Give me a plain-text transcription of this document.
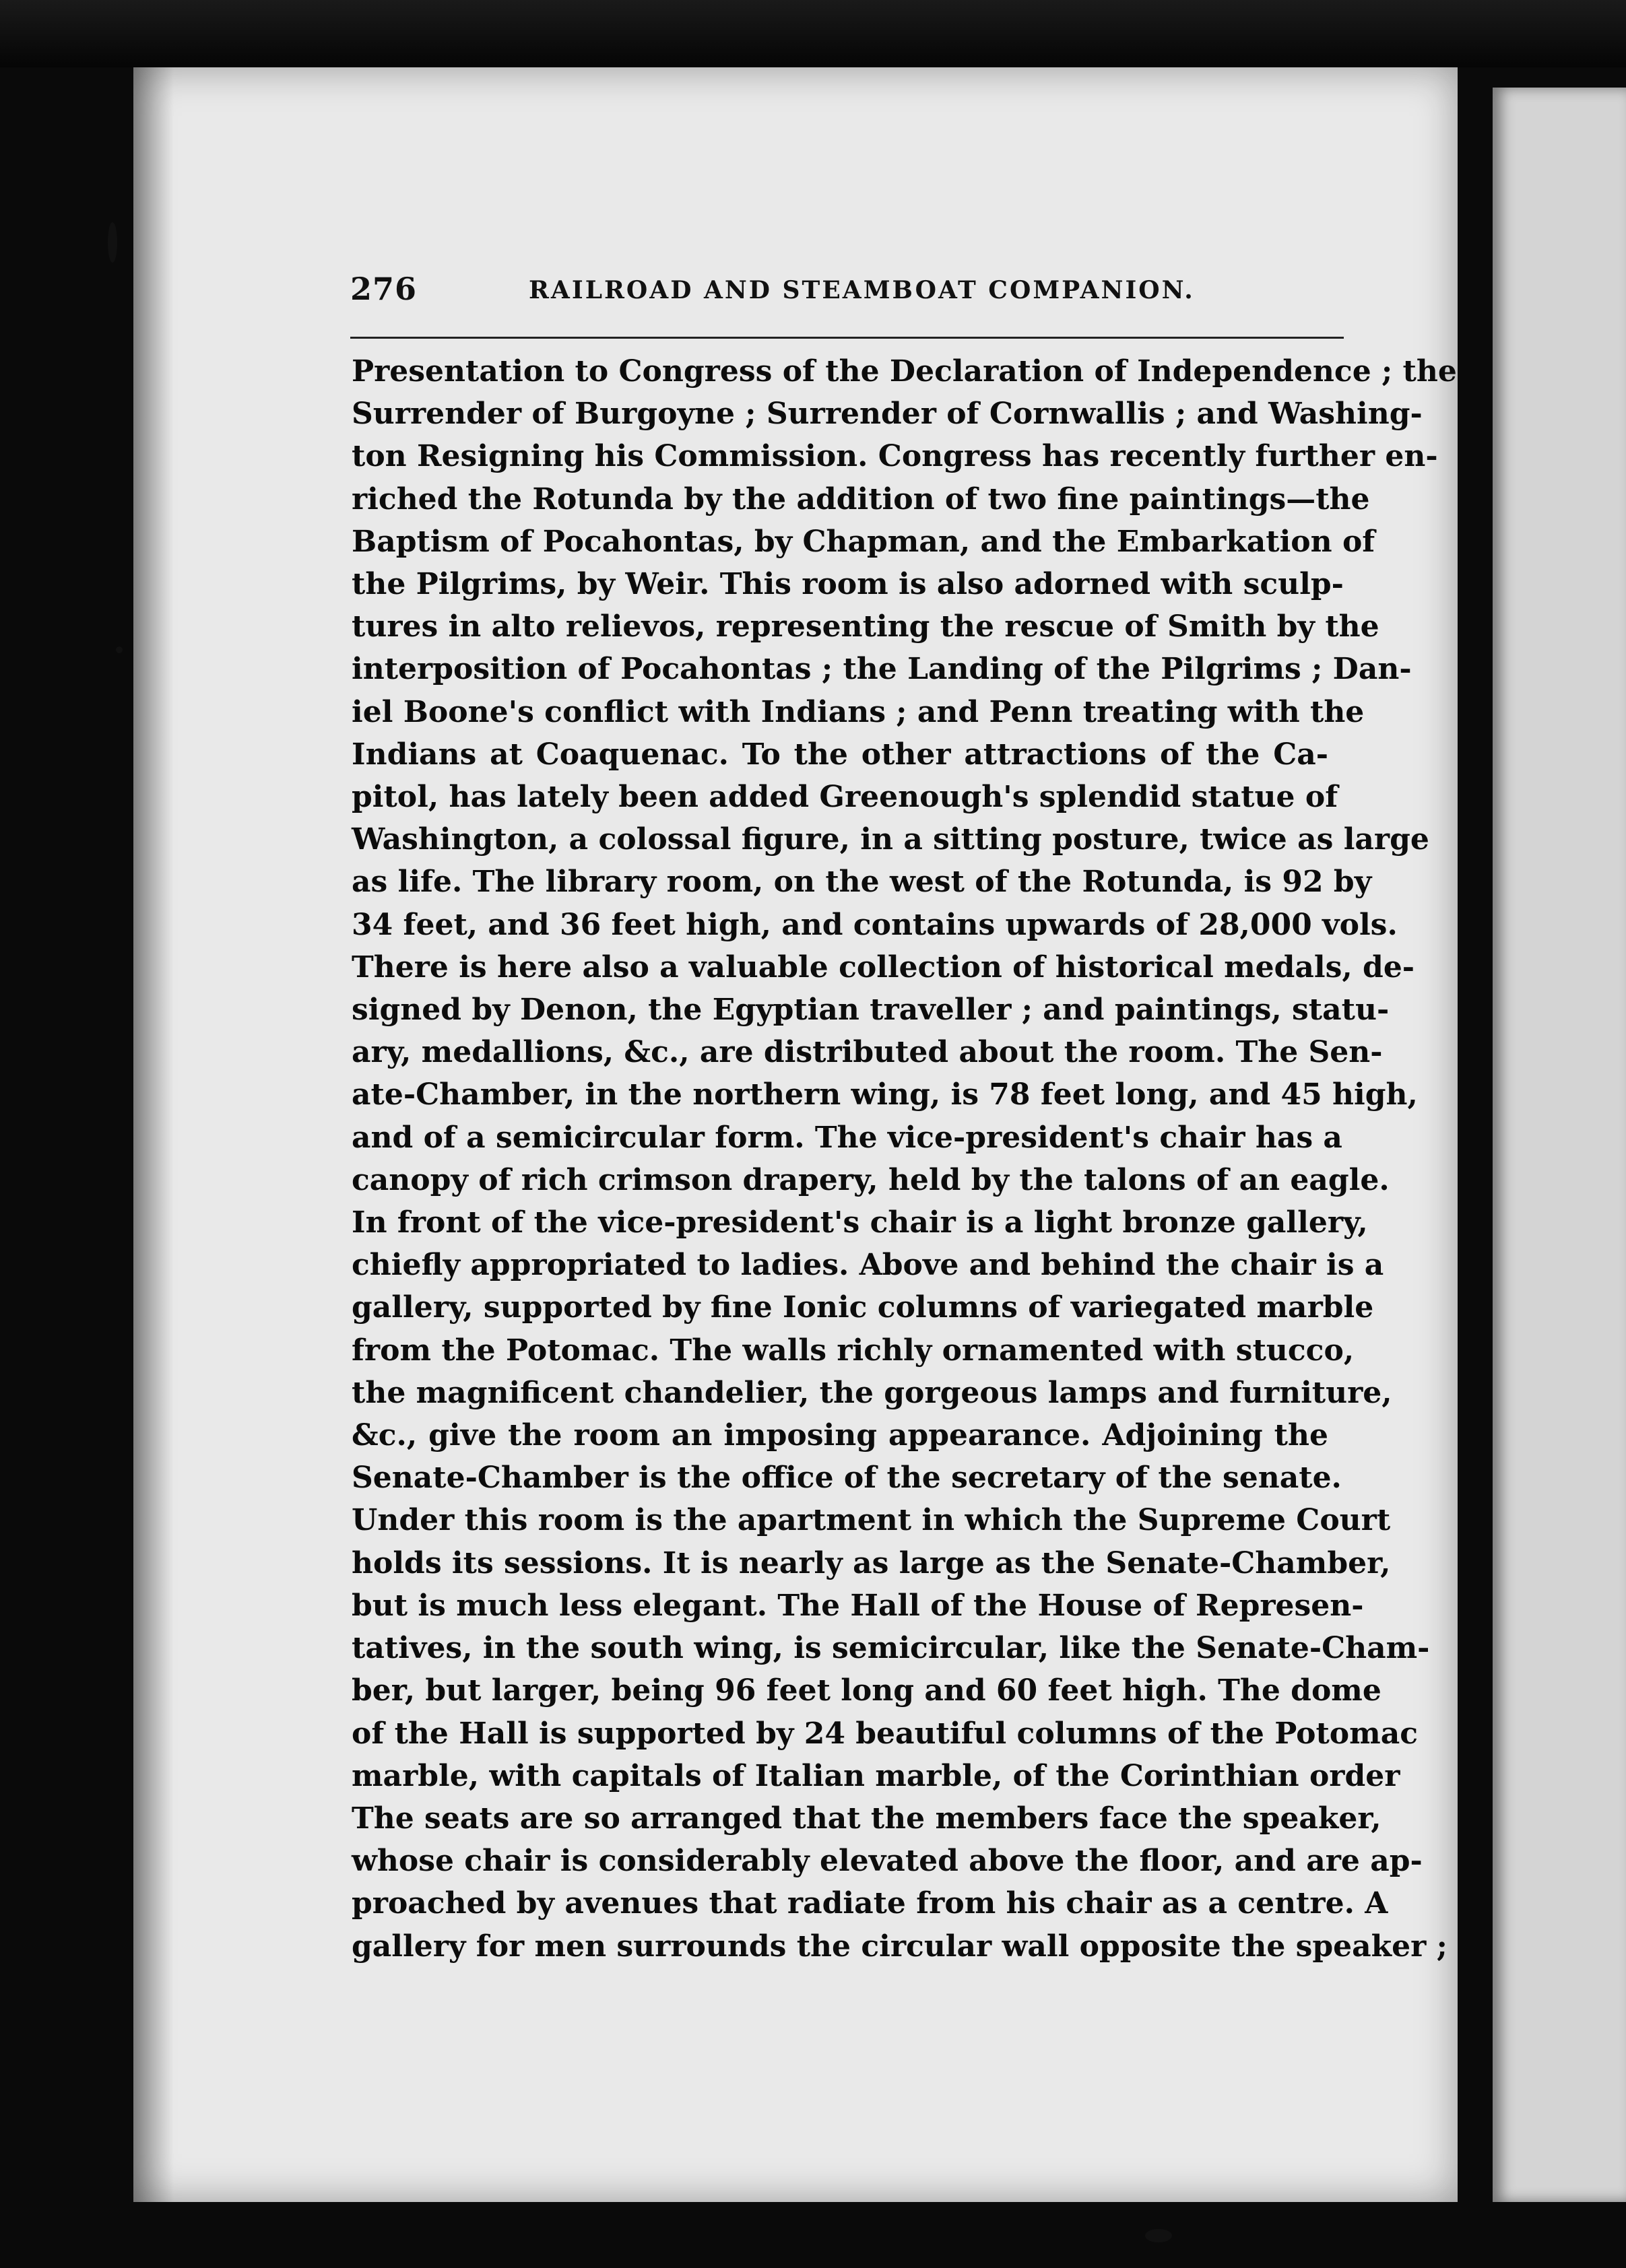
276	RAILROAD AND STEAMBOAT COMPANION.
Presentation to Congress of the Declaration of Independence ; the
Surrender of Burgoyne ; Surrender of Cornwallis ; and Washing-
ton Resigning his Commission. Congress has recently further en-
riched the Rotunda by the addition of two fine paintings—the
Baptism of Pocahontas, by Chapman, and the Embarkation of
the Pilgrims, by Weir. This room is also adorned with sculp-
tures in alto relievos, representing the rescue of Smith by the
interposition of Pocahontas ; the Landing of the Pilgrims ; Dan-
iel Boone's conflict with Indians ; and Penn treating with the
Indians at Coaquenac. To the other attractions of the Ca-
pitol, has lately been added Greenough's splendid statue of
Washington, a colossal figure, in a sitting posture, twice as large
as life. The library room, on the west of the Rotunda, is 92 by
34 feet, and 36 feet high, and contains upwards of 28,000 vols.
There is here also a valuable collection of historical medals, de-
signed by Denon, the Egyptian traveller ; and paintings, statu-
ary, medallions, &c., are distributed about the room. The Sen-
ate-Chamber, in the northern wing, is 78 feet long, and 45 high,
and of a semicircular form. The vice-president's chair has a
canopy of rich crimson drapery, held by the talons of an eagle.
In front of the vice-president's chair is a light bronze gallery,
chiefly appropriated to ladies. Above and behind the chair is a
gallery, supported by fine Ionic columns of variegated marble
from the Potomac. The walls richly ornamented with stucco,
the magnificent chandelier, the gorgeous lamps and furniture,
&c., give the room an imposing appearance. Adjoining the
Senate-Chamber is the office of the secretary of the senate.
Under this room is the apartment in which the Supreme Court
holds its sessions. It is nearly as large as the Senate-Chamber,
but is much less elegant. The Hall of the House of Represen-
tatives, in the south wing, is semicircular, like the Senate-Cham-
ber, but larger, being 96 feet long and 60 feet high. The dome
of the Hall is supported by 24 beautiful columns of the Potomac
marble, with capitals of Italian marble, of the Corinthian order
The seats are so arranged that the members face the speaker,
whose chair is considerably elevated above the floor, and are ap-
proached by avenues that radiate from his chair as a centre. A
gallery for men surrounds the circular wall opposite the speaker ;
